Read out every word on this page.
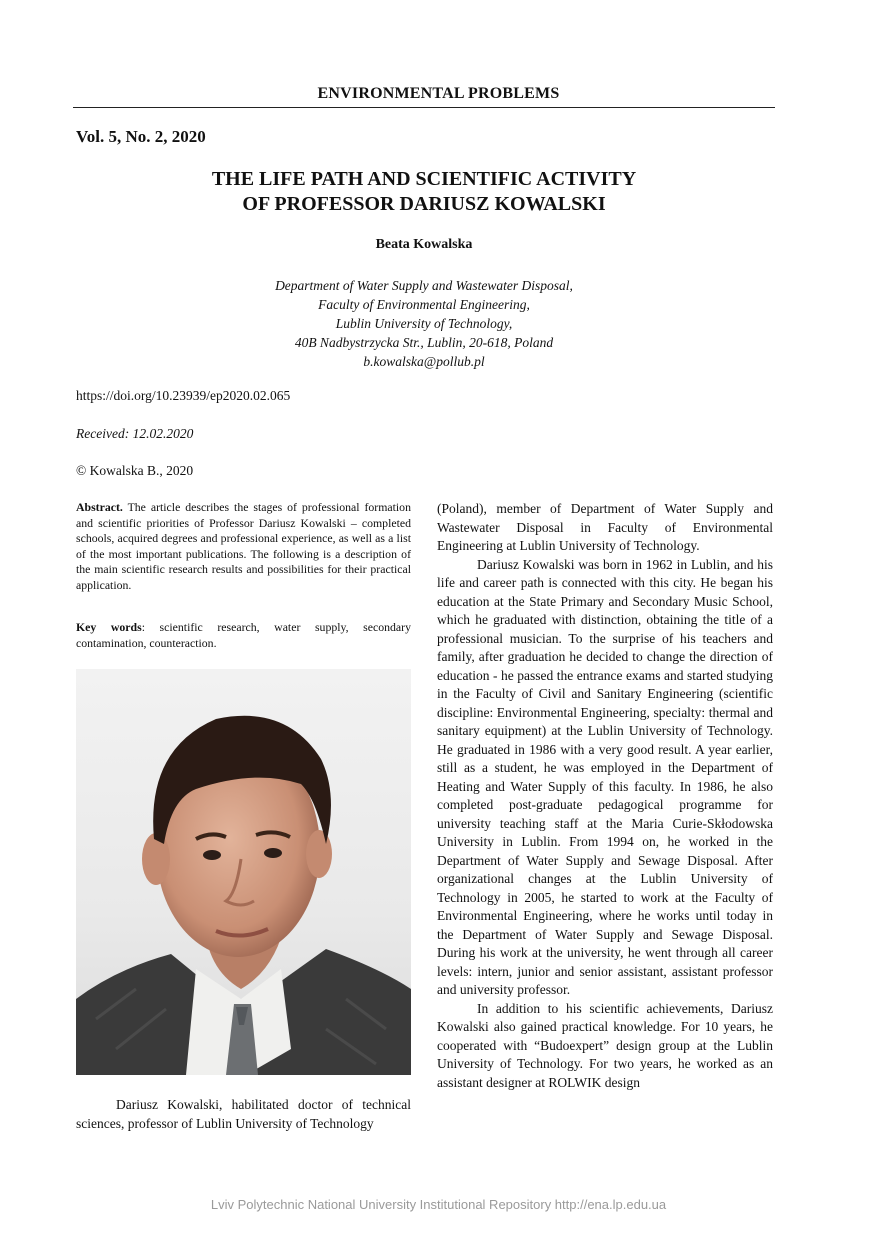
ENVIRONMENTAL PROBLEMS
Vol. 5, No. 2, 2020
THE LIFE PATH AND SCIENTIFIC ACTIVITY
OF PROFESSOR DARIUSZ KOWALSKI
Beata Kowalska
Department of Water Supply and Wastewater Disposal,
Faculty of Environmental Engineering,
Lublin University of Technology,
40B Nadbystrzycka Str., Lublin, 20-618, Poland
b.kowalska@pollub.pl
https://doi.org/10.23939/ep2020.02.065
Received: 12.02.2020
© Kowalska B., 2020
Abstract. The article describes the stages of professional formation and scientific priorities of Professor Dariusz Kowalski – completed schools, acquired degrees and professional experience, as well as a list of the most important publications. The following is a description of the main scientific research results and possibilities for their practical application.
Key words: scientific research, water supply, secondary contamination, counteraction.
Dariusz Kowalski, habilitated doctor of technical sciences, professor of Lublin University of Technology

(Poland), member of Department of Water Supply and Wastewater Disposal in Faculty of Environmental Engineering at Lublin University of Technology.

Dariusz Kowalski was born in 1962 in Lublin, and his life and career path is connected with this city. He began his education at the State Primary and Secondary Music School, which he graduated with distinction, obtaining the title of a professional musician. To the surprise of his teachers and family, after graduation he decided to change the direction of education - he passed the entrance exams and started studying in the Faculty of Civil and Sanitary Engineering (scientific discipline: Environmental Engineering, specialty: thermal and sanitary equipment) at the Lublin University of Technology. He graduated in 1986 with a very good result. A year earlier, still as a student, he was employed in the Department of Heating and Water Supply of this faculty. In 1986, he also completed post-graduate pedagogical programme for university teaching staff at the Maria Curie-Skłodowska University in Lublin. From 1994 on, he worked in the Department of Water Supply and Sewage Disposal. After organizational changes at the Lublin University of Technology in 2005, he started to work at the Faculty of Environmental Engineering, where he works until today in the Department of Water Supply and Sewage Disposal. During his work at the university, he went through all career levels: intern, junior and senior assistant, assistant professor and university professor.

In addition to his scientific achievements, Dariusz Kowalski also gained practical knowledge. For 10 years, he cooperated with “Budoexpert” design group at the Lublin University of Technology. For two years, he worked as an assistant designer at ROLWIK design

Lviv Polytechnic National University Institutional Repository http://ena.lp.edu.ua
